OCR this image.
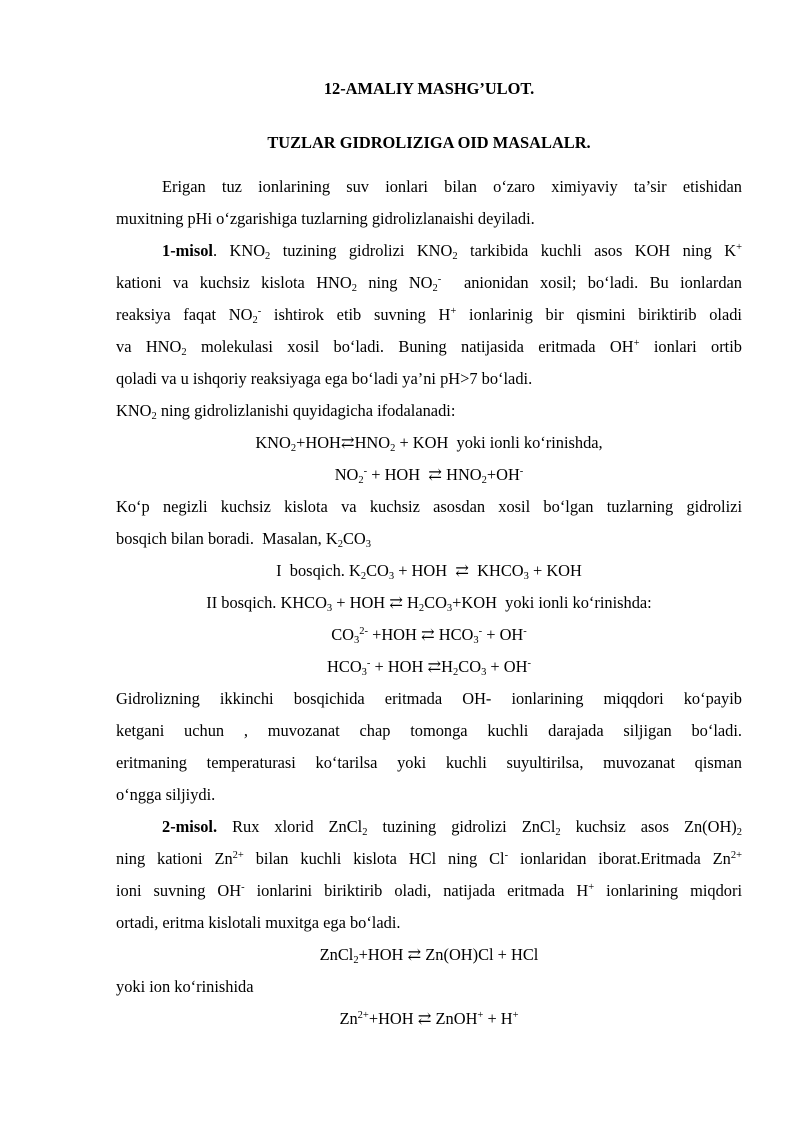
12-AMALIY MASHG’ULOT.
TUZLAR GIDROLIZIGA OID MASALALR.
Erigan tuz ionlarining suv ionlari bilan o‘zaro ximiyaviy ta’sir etishidan
muxitning pHi o‘zgarishiga tuzlarning gidrolizlanaishi deyiladi.
1-misol. $KNO_2$ tuzining gidrolizi $KNO_2$ tarkibida kuchli asos KOH ning K+
kationi va kuchsiz kislota $HNO_2$ ning $NO_2^-$  anionidan xosil; bo‘ladi. Bu ionlardan
reaksiya faqat $NO_2^-$ ishtirok etib suvning H+ ionlarinig bir qismini biriktirib oladi
va $HNO_2$ molekulasi xosil bo‘ladi. Buning natijasida eritmada OH+ ionlari ortib
qoladi va u ishqoriy reaksiyaga ega bo‘ladi ya’ni pH>7 bo‘ladi.
$KNO_2$ ning gidrolizlanishi quyidagicha ifodalanadi:
$KNO_2+HOH⇄HNO_2$ + KOH  yoki ionli ko‘rinishda,
$NO_2^-$ + HOH  ⇄ $HNO_2+OH^-$
Ko‘p negizli kuchsiz kislota va kuchsiz asosdan xosil bo‘lgan tuzlarning gidrolizi
bosqich bilan boradi.  Masalan, $K_2CO_3$
I  bosqich. $K_2CO_3$ + HOH  ⇄  $KHCO_3$ + KOH
II bosqich. $KHCO_3$ + HOH ⇄ $H_2CO_3+KOH$  yoki ionli ko‘rinishda:
$CO_3^{2-} +HOH$ ⇄ $HCO_3^- + OH^-$
$HCO_3^-$ + HOH $⇄H_2CO_3 + OH^-$
Gidrolizning ikkinchi bosqichida eritmada OH- ionlarining miqqdori ko‘payib
ketgani uchun , muvozanat chap tomonga kuchli darajada siljigan bo‘ladi.
eritmaning temperaturasi ko‘tarilsa yoki kuchli suyultirilsa, muvozanat qisman
o‘ngga siljiydi.
2-misol. Rux xlorid ZnCl$_2$ tuzining gidrolizi ZnCl$_2$ kuchsiz asos $Zn(OH)_2$
ning kationi $Zn^{2+}$ bilan kuchli kislota HCl ning Cl- ionlaridan iborat.Eritmada $Zn^{2+}$
ioni suvning OH- ionlarini biriktirib oladi, natijada eritmada H+ ionlarining miqdori
ortadi, eritma kislotali muxitga ega bo‘ladi.
ZnCl$_2$+HOH ⇄ Zn(OH)Cl + HCl
yoki ion ko‘rinishida
$Zn^{2+}+HOH$ ⇄ ZnOH+ + H+
